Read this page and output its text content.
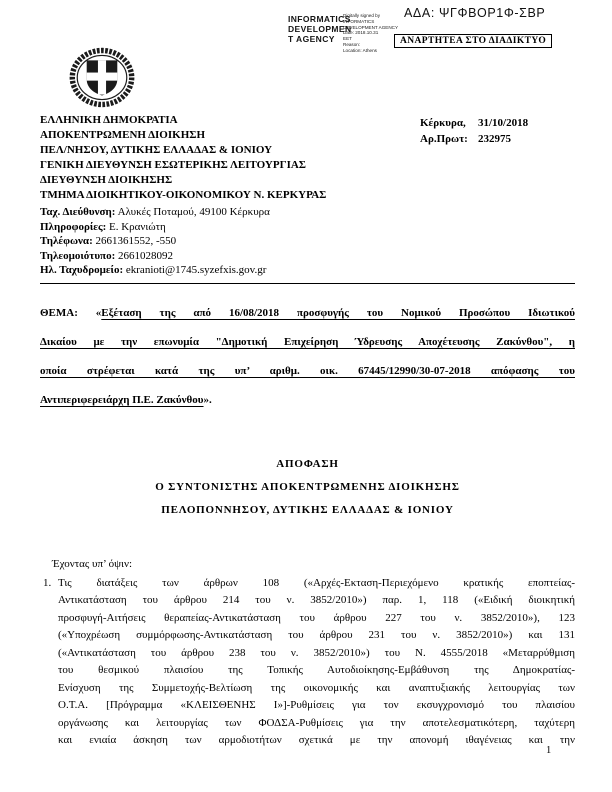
ΑΔΑ: ΨΓΦΒΟΡ1Φ-ΣΒΡ
INFORMATICS
DEVELOPMEN
T AGENCY
Digitally signed by
INFORMATICS
DEVELOPMENT AGENCY
Date: 2018.10.31
EET
Reason:
Location: Athens
ΑΝΑΡΤΗΤΕΑ ΣΤΟ ΔΙΑΔΙΚΤΥΟ
ΕΛΛΗΝΙΚΗ ΔΗΜΟΚΡΑΤΙΑ
ΑΠΟΚΕΝΤΡΩΜΕΝΗ ΔΙΟΙΚΗΣΗ
ΠΕΛ/ΝΗΣΟΥ, ΔΥΤΙΚΗΣ ΕΛΛΑΔΑΣ & ΙΟΝΙΟΥ
ΓΕΝΙΚΗ ΔΙΕΥΘΥΝΣΗ ΕΣΩΤΕΡΙΚΗΣ ΛΕΙΤΟΥΡΓΙΑΣ
ΔΙΕΥΘΥΝΣΗ ΔΙΟΙΚΗΣΗΣ
ΤΜΗΜΑ ΔΙΟΙΚΗΤΙΚΟΥ-ΟΙΚΟΝΟΜΙΚΟΥ Ν. ΚΕΡΚΥΡΑΣ
Κέρκυρα,	31/10/2018
Αρ.Πρωτ: 232975
Ταχ. Διεύθυνση: Αλυκές Ποταμού, 49100 Κέρκυρα
Πληροφορίες: Ε. Κρανιώτη
Τηλέφωνα: 2661361552, -550
Τηλεομοιότυπο: 2661028092
Ηλ. Ταχυδρομείο: ekranioti@1745.syzefxis.gov.gr
ΘΕΜΑ: «Εξέταση της από 16/08/2018 προσφυγής του Νομικού Προσώπου Ιδιωτικού
Δικαίου με την επωνυμία "Δημοτική Επιχείρηση Ύδρευσης Αποχέτευσης Ζακύνθου", η
οποία στρέφεται κατά της υπ’ αριθμ. οικ. 67445/12990/30-07-2018 απόφασης του
Αντιπεριφερειάρχη Π.Ε. Ζακύνθου».
ΑΠΟΦΑΣΗ
Ο ΣΥΝΤΟΝΙΣΤΗΣ ΑΠΟΚΕΝΤΡΩΜΕΝΗΣ ΔΙΟΙΚΗΣΗΣ
ΠΕΛΟΠΟΝΝΗΣΟΥ, ΔΥΤΙΚΗΣ ΕΛΛΑΔΑΣ & ΙΟΝΙΟΥ
Έχοντας υπ’ όψιν:
1. Τις διατάξεις των άρθρων 108 («Αρχές-Εκταση-Περιεχόμενο κρατικής εποπτείας-
Αντικατάσταση του άρθρου 214 του ν. 3852/2010») παρ. 1, 118 («Ειδική διοικητική
προσφυγή-Αιτήσεις θεραπείας-Αντικατάσταση του άρθρου 227 του ν. 3852/2010»), 123
(«Υποχρέωση συμμόρφωσης-Αντικατάσταση του άρθρου 231 του ν. 3852/2010») και 131
(«Αντικατάσταση του άρθρου 238 του ν. 3852/2010») του Ν. 4555/2018 «Μεταρρύθμιση
του θεσμικού πλαισίου της Τοπικής Αυτοδιοίκησης-Εμβάθυνση της Δημοκρατίας-
Ενίσχυση της Συμμετοχής-Βελτίωση της οικονομικής και αναπτυξιακής λειτουργίας των
Ο.Τ.Α. [Πρόγραμμα «ΚΛΕΙΣΘΕΝΗΣ Ι»]-Ρυθμίσεις για τον εκσυγχρονισμό του πλαισίου
οργάνωσης και λειτουργίας των ΦΟΔΣΑ-Ρυθμίσεις για την αποτελεσματικότερη, ταχύτερη
και ενιαία άσκηση των αρμοδιοτήτων σχετικά με την απονομή ιθαγένειας και την
1
